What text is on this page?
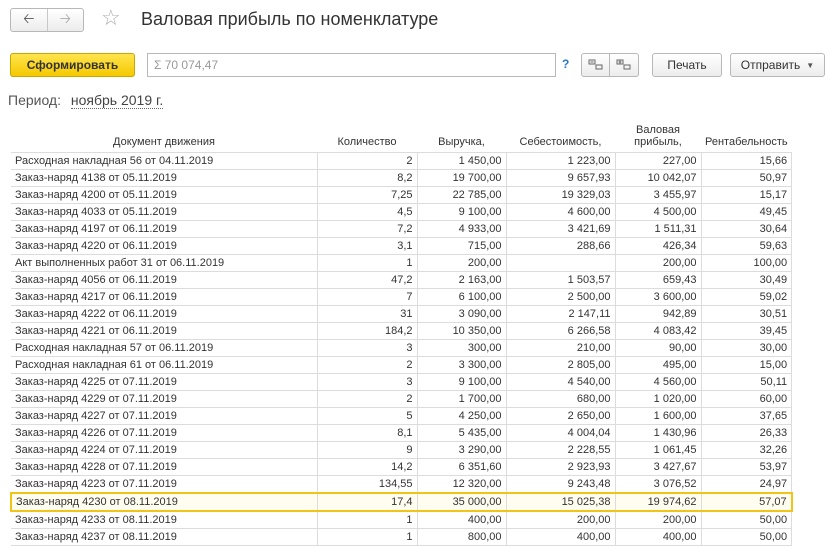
🡠 🡢 ☆ Валовая прибыль по номенклатуре
Сформировать	Σ 70 074,47	?	Печать	Отправить ▼
Период: ноябрь 2019 г.
Документ движения	Количество	Выручка,	Себестоимость,	Валовая прибыль,	Рентабельность
Расходная накладная 56 от 04.11.2019	2	1 450,00	1 223,00	227,00	15,66
Заказ-наряд 4138 от 05.11.2019	8,2	19 700,00	9 657,93	10 042,07	50,97
Заказ-наряд 4200 от 05.11.2019	7,25	22 785,00	19 329,03	3 455,97	15,17
Заказ-наряд 4033 от 05.11.2019	4,5	9 100,00	4 600,00	4 500,00	49,45
Заказ-наряд 4197 от 06.11.2019	7,2	4 933,00	3 421,69	1 511,31	30,64
Заказ-наряд 4220 от 06.11.2019	3,1	715,00	288,66	426,34	59,63
Акт выполненных работ 31 от 06.11.2019	1	200,00		200,00	100,00
Заказ-наряд 4056 от 06.11.2019	47,2	2 163,00	1 503,57	659,43	30,49
Заказ-наряд 4217 от 06.11.2019	7	6 100,00	2 500,00	3 600,00	59,02
Заказ-наряд 4222 от 06.11.2019	31	3 090,00	2 147,11	942,89	30,51
Заказ-наряд 4221 от 06.11.2019	184,2	10 350,00	6 266,58	4 083,42	39,45
Расходная накладная 57 от 06.11.2019	3	300,00	210,00	90,00	30,00
Расходная накладная 61 от 06.11.2019	2	3 300,00	2 805,00	495,00	15,00
Заказ-наряд 4225 от 07.11.2019	3	9 100,00	4 540,00	4 560,00	50,11
Заказ-наряд 4229 от 07.11.2019	2	1 700,00	680,00	1 020,00	60,00
Заказ-наряд 4227 от 07.11.2019	5	4 250,00	2 650,00	1 600,00	37,65
Заказ-наряд 4226 от 07.11.2019	8,1	5 435,00	4 004,04	1 430,96	26,33
Заказ-наряд 4224 от 07.11.2019	9	3 290,00	2 228,55	1 061,45	32,26
Заказ-наряд 4228 от 07.11.2019	14,2	6 351,60	2 923,93	3 427,67	53,97
Заказ-наряд 4223 от 07.11.2019	134,55	12 320,00	9 243,48	3 076,52	24,97
Заказ-наряд 4230 от 08.11.2019	17,4	35 000,00	15 025,38	19 974,62	57,07
Заказ-наряд 4233 от 08.11.2019	1	400,00	200,00	200,00	50,00
Заказ-наряд 4237 от 08.11.2019	1	800,00	400,00	400,00	50,00
